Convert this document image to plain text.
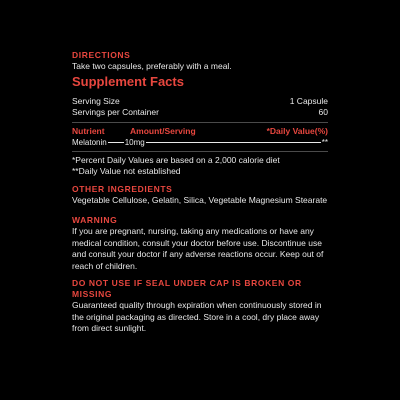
DIRECTIONS
Take two capsules, preferably with a meal.
Supplement Facts
Serving Size	1 Capsule
Servings per Container	60
Nutrient	Amount/Serving	*Daily Value(%)
Melatonin 10mg	**
*Percent Daily Values are based on a 2,000 calorie diet
**Daily Value not established
OTHER INGREDIENTS
Vegetable Cellulose, Gelatin, Silica, Vegetable Magnesium Stearate
WARNING
If you are pregnant, nursing, taking any medications or have any medical condition, consult your doctor before use. Discontinue use and consult your doctor if any adverse reactions occur. Keep out of reach of children.
DO NOT USE IF SEAL UNDER CAP IS BROKEN OR MISSING
Guaranteed quality through expiration when continuously stored in the original packaging as directed. Store in a cool, dry place away from direct sunlight.
